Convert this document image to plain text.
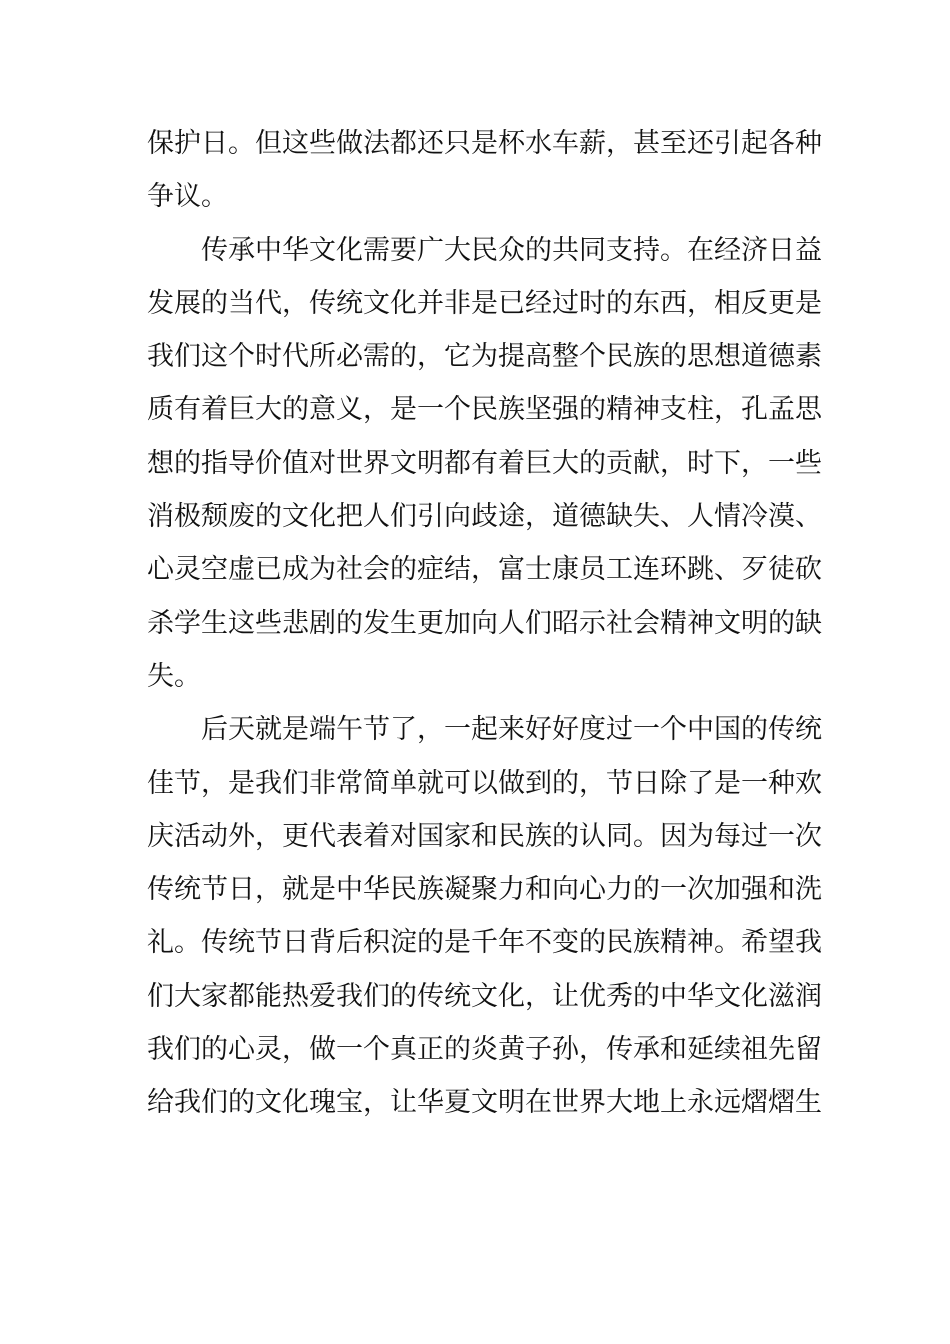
保护日。但这些做法都还只是杯水车薪，甚至还引起各种
争议。
传承中华文化需要广大民众的共同支持。在经济日益
发展的当代，传统文化并非是已经过时的东西，相反更是
我们这个时代所必需的，它为提高整个民族的思想道德素
质有着巨大的意义，是一个民族坚强的精神支柱，孔孟思
想的指导价值对世界文明都有着巨大的贡献，时下，一些
消极颓废的文化把人们引向歧途，道德缺失、人情冷漠、
心灵空虚已成为社会的症结，富士康员工连环跳、歹徒砍
杀学生这些悲剧的发生更加向人们昭示社会精神文明的缺
失。
后天就是端午节了，一起来好好度过一个中国的传统
佳节，是我们非常简单就可以做到的，节日除了是一种欢
庆活动外，更代表着对国家和民族的认同。因为每过一次
传统节日，就是中华民族凝聚力和向心力的一次加强和洗
礼。传统节日背后积淀的是千年不变的民族精神。希望我
们大家都能热爱我们的传统文化，让优秀的中华文化滋润
我们的心灵，做一个真正的炎黄子孙，传承和延续祖先留
给我们的文化瑰宝，让华夏文明在世界大地上永远熠熠生
